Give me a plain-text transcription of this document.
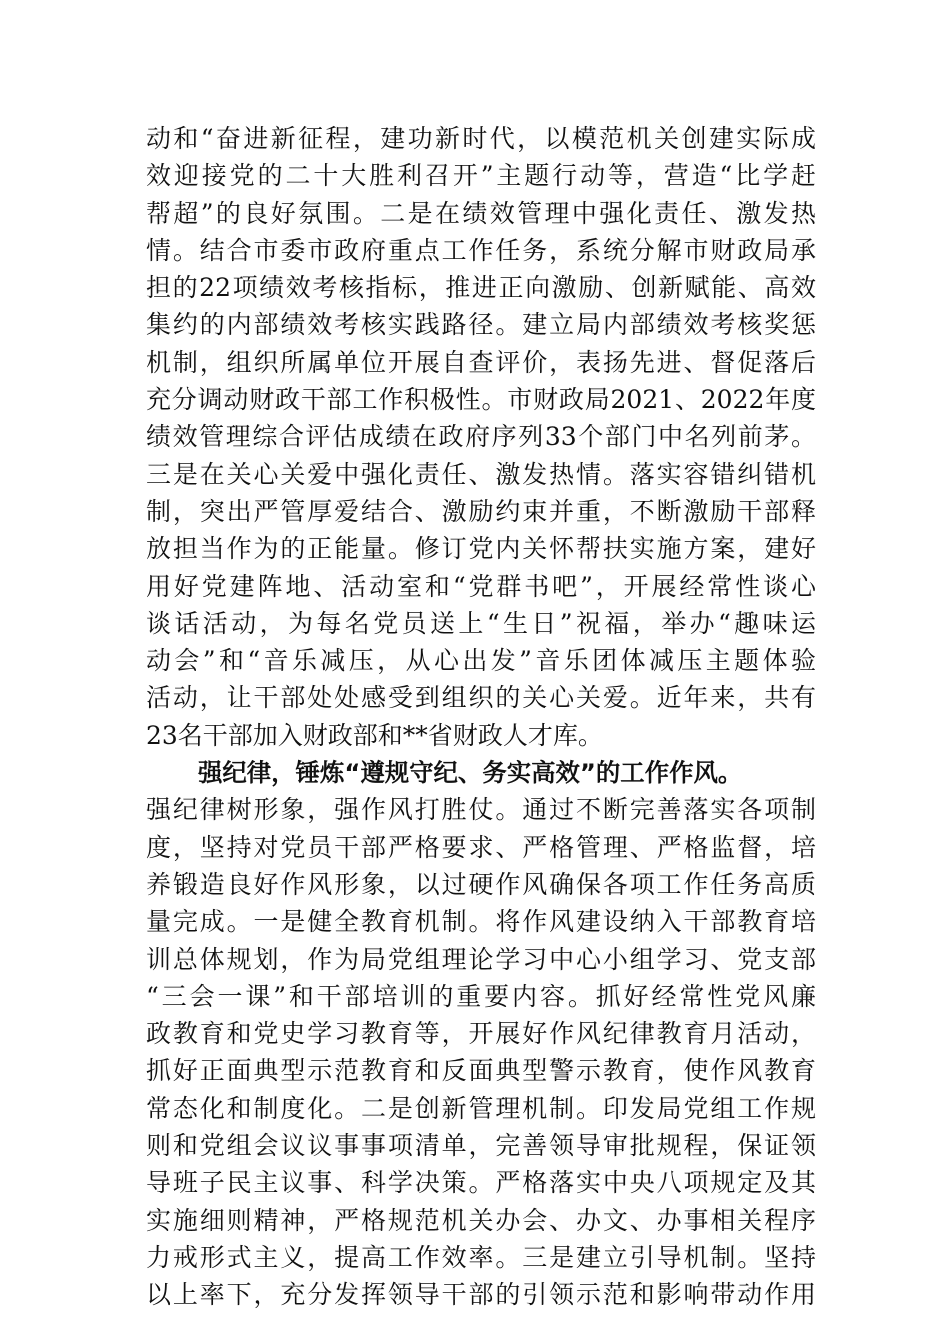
动和“奋进新征程，建功新时代，以模范机关创建实际成
效迎接党的二十大胜利召开”主题行动等，营造“比学赶
帮超”的良好氛围。二是在绩效管理中强化责任、激发热
情。结合市委市政府重点工作任务，系统分解市财政局承
担的22项绩效考核指标，推进正向激励、创新赋能、高效
集约的内部绩效考核实践路径。建立局内部绩效考核奖惩
机制，组织所属单位开展自查评价，表扬先进、督促落后
充分调动财政干部工作积极性。市财政局2021、2022年度
绩效管理综合评估成绩在政府序列33个部门中名列前茅。
三是在关心关爱中强化责任、激发热情。落实容错纠错机
制，突出严管厚爱结合、激励约束并重，不断激励干部释
放担当作为的正能量。修订党内关怀帮扶实施方案，建好
用好党建阵地、活动室和“党群书吧”，开展经常性谈心
谈话活动，为每名党员送上“生日”祝福，举办“趣味运
动会”和“音乐减压，从心出发”音乐团体减压主题体验
活动，让干部处处感受到组织的关心关爱。近年来，共有
23名干部加入财政部和**省财政人才库。
强纪律，锤炼“遵规守纪、务实高效”的工作作风。
强纪律树形象，强作风打胜仗。通过不断完善落实各项制
度，坚持对党员干部严格要求、严格管理、严格监督，培
养锻造良好作风形象，以过硬作风确保各项工作任务高质
量完成。一是健全教育机制。将作风建设纳入干部教育培
训总体规划，作为局党组理论学习中心小组学习、党支部
“三会一课”和干部培训的重要内容。抓好经常性党风廉
政教育和党史学习教育等，开展好作风纪律教育月活动，
抓好正面典型示范教育和反面典型警示教育，使作风教育
常态化和制度化。二是创新管理机制。印发局党组工作规
则和党组会议议事事项清单，完善领导审批规程，保证领
导班子民主议事、科学决策。严格落实中央八项规定及其
实施细则精神，严格规范机关办会、办文、办事相关程序
力戒形式主义，提高工作效率。三是建立引导机制。坚持
以上率下，充分发挥领导干部的引领示范和影响带动作用
